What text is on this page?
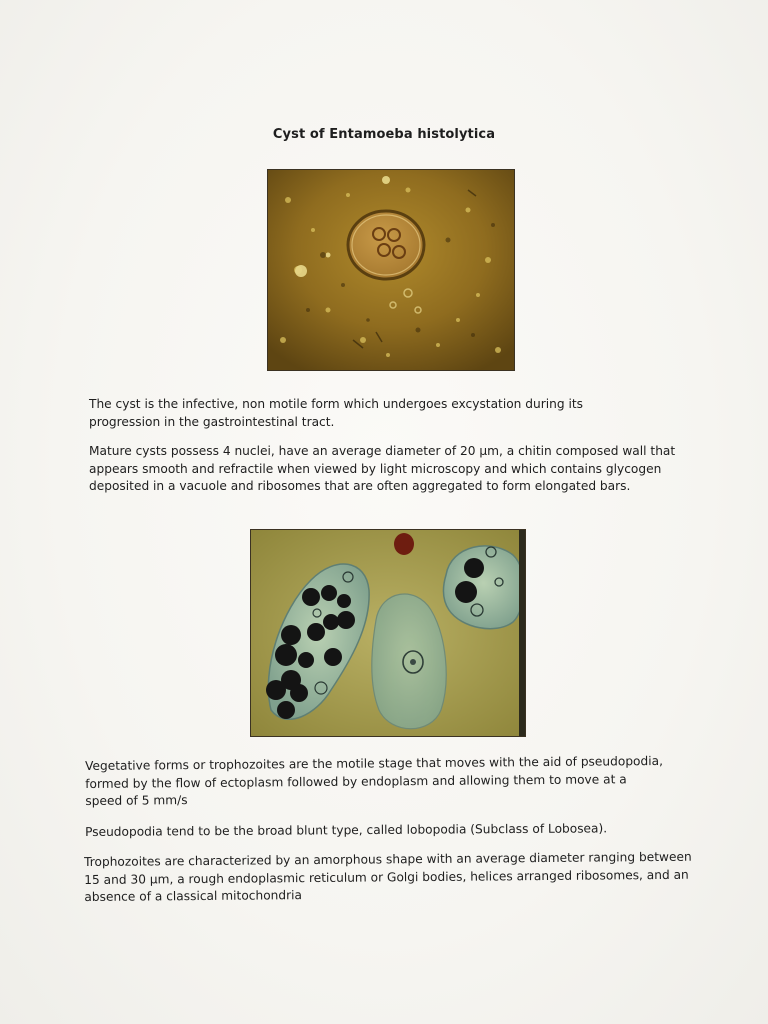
Cyst of Entamoeba histolytica

The cyst is the infective, non motile form which undergoes excystation during its progression in the gastrointestinal tract.

Mature cysts possess 4 nuclei, have an average diameter of 20 µm, a chitin composed wall that appears smooth and refractile when viewed by light microscopy and which contains glycogen deposited in a vacuole and ribosomes that are often aggregated to form elongated bars.

Vegetative forms or trophozoites are the motile stage that moves with the aid of pseudopodia, formed by the flow of ectoplasm followed by endoplasm and allowing them to move at a speed of 5 mm/s

Pseudopodia tend to be the broad blunt type, called lobopodia (Subclass of Lobosea).

Trophozoites are characterized by an amorphous shape with an average diameter ranging between 15 and 30 µm, a rough endoplasmic reticulum or Golgi bodies, helices arranged ribosomes, and an absence of a classical mitochondria
